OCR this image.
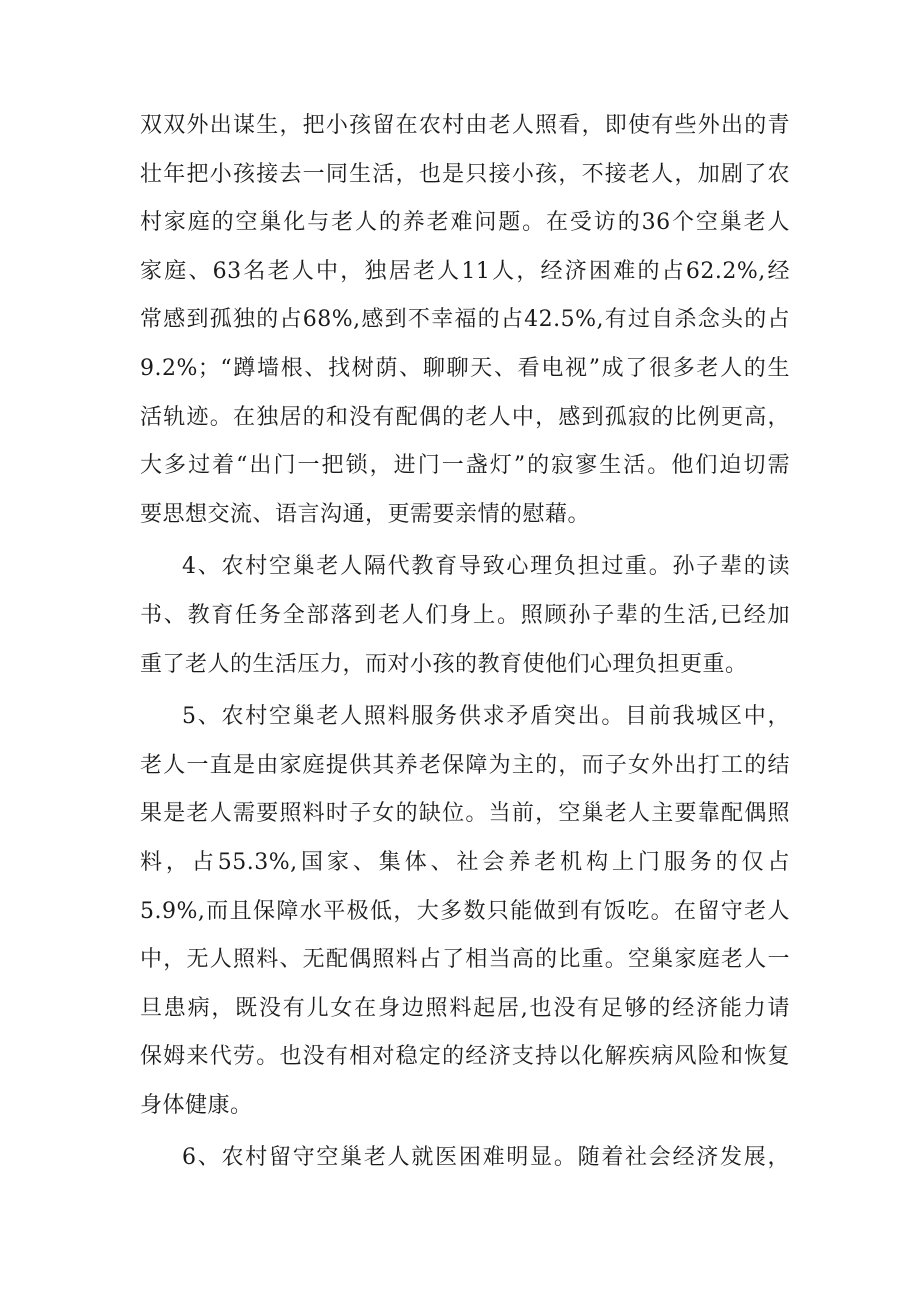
双双外出谋生，把小孩留在农村由老人照看，即使有些外出的青
壮年把小孩接去一同生活，也是只接小孩，不接老人，加剧了农
村家庭的空巢化与老人的养老难问题。在受访的36个空巢老人
家庭、63名老人中，独居老人11人，经济困难的占62.2%,经
常感到孤独的占68%,感到不幸福的占42.5%,有过自杀念头的占
9.2%；“蹲墙根、找树荫、聊聊天、看电视”成了很多老人的生
活轨迹。在独居的和没有配偶的老人中，感到孤寂的比例更高，
大多过着“出门一把锁，进门一盏灯”的寂寥生活。他们迫切需
要思想交流、语言沟通，更需要亲情的慰藉。
4、农村空巢老人隔代教育导致心理负担过重。孙子辈的读
书、教育任务全部落到老人们身上。照顾孙子辈的生活,已经加
重了老人的生活压力，而对小孩的教育使他们心理负担更重。
5、农村空巢老人照料服务供求矛盾突出。目前我城区中，
老人一直是由家庭提供其养老保障为主的，而子女外出打工的结
果是老人需要照料时子女的缺位。当前，空巢老人主要靠配偶照
料，占55.3%,国家、集体、社会养老机构上门服务的仅占
5.9%,而且保障水平极低，大多数只能做到有饭吃。在留守老人
中，无人照料、无配偶照料占了相当高的比重。空巢家庭老人一
旦患病，既没有儿女在身边照料起居,也没有足够的经济能力请
保姆来代劳。也没有相对稳定的经济支持以化解疾病风险和恢复
身体健康。
6、农村留守空巢老人就医困难明显。随着社会经济发展，
